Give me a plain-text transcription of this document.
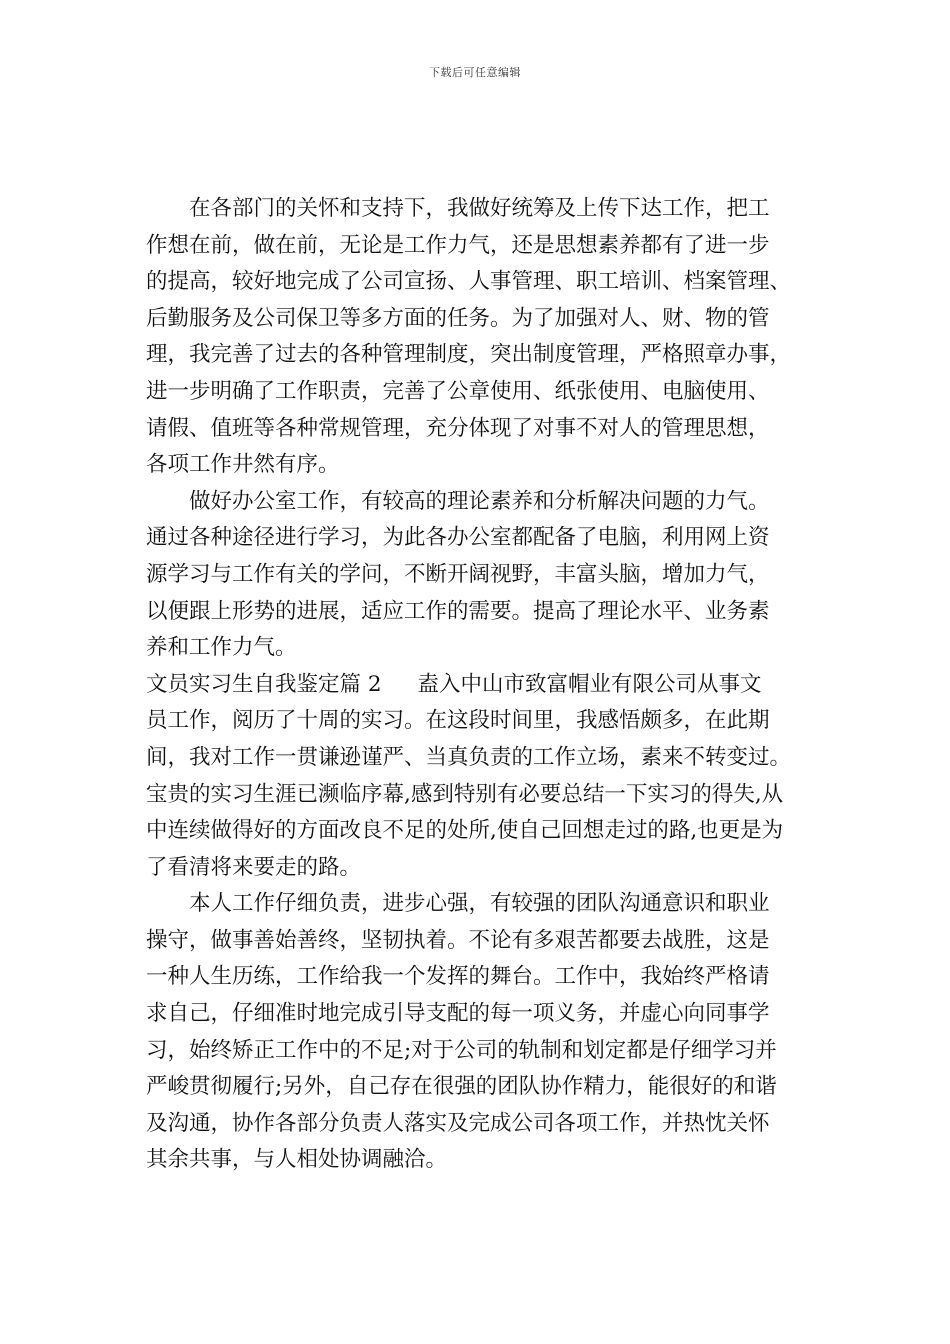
下载后可任意编辑
在各部门的关怀和支持下，我做好统筹及上传下达工作，把工
作想在前，做在前，无论是工作力气，还是思想素养都有了进一步
的提高，较好地完成了公司宣扬、人事管理、职工培训、档案管理、
后勤服务及公司保卫等多方面的任务。为了加强对人、财、物的管
理，我完善了过去的各种管理制度，突出制度管理，严格照章办事，
进一步明确了工作职责，完善了公章使用、纸张使用、电脑使用、
请假、值班等各种常规管理，充分体现了对事不对人的管理思想，
各项工作井然有序。
做好办公室工作，有较高的理论素养和分析解决问题的力气。
通过各种途径进行学习，为此各办公室都配备了电脑，利用网上资
源学习与工作有关的学问，不断开阔视野，丰富头脑，增加力气，
以便跟上形势的进展，适应工作的需要。提高了理论水平、业务素
养和工作力气。
文员实习生自我鉴定篇 2 盍入中山市致富帽业有限公司从事文
员工作，阅历了十周的实习。在这段时间里，我感悟颇多，在此期
间，我对工作一贯谦逊谨严、当真负责的工作立场，素来不转变过。
宝贵的实习生涯已濒临序幕,感到特别有必要总结一下实习的得失,从
中连续做得好的方面改良不足的处所,使自己回想走过的路,也更是为
了看清将来要走的路。
本人工作仔细负责，进步心强，有较强的团队沟通意识和职业
操守，做事善始善终，坚韧执着。不论有多艰苦都要去战胜，这是
一种人生历练，工作给我一个发挥的舞台。工作中，我始终严格请
求自己，仔细准时地完成引导支配的每一项义务，并虚心向同事学
习，始终矫正工作中的不足;对于公司的轨制和划定都是仔细学习并
严峻贯彻履行;另外，自己存在很强的团队协作精力，能很好的和谐
及沟通，协作各部分负责人落实及完成公司各项工作，并热忱关怀
其余共事，与人相处协调融洽。
